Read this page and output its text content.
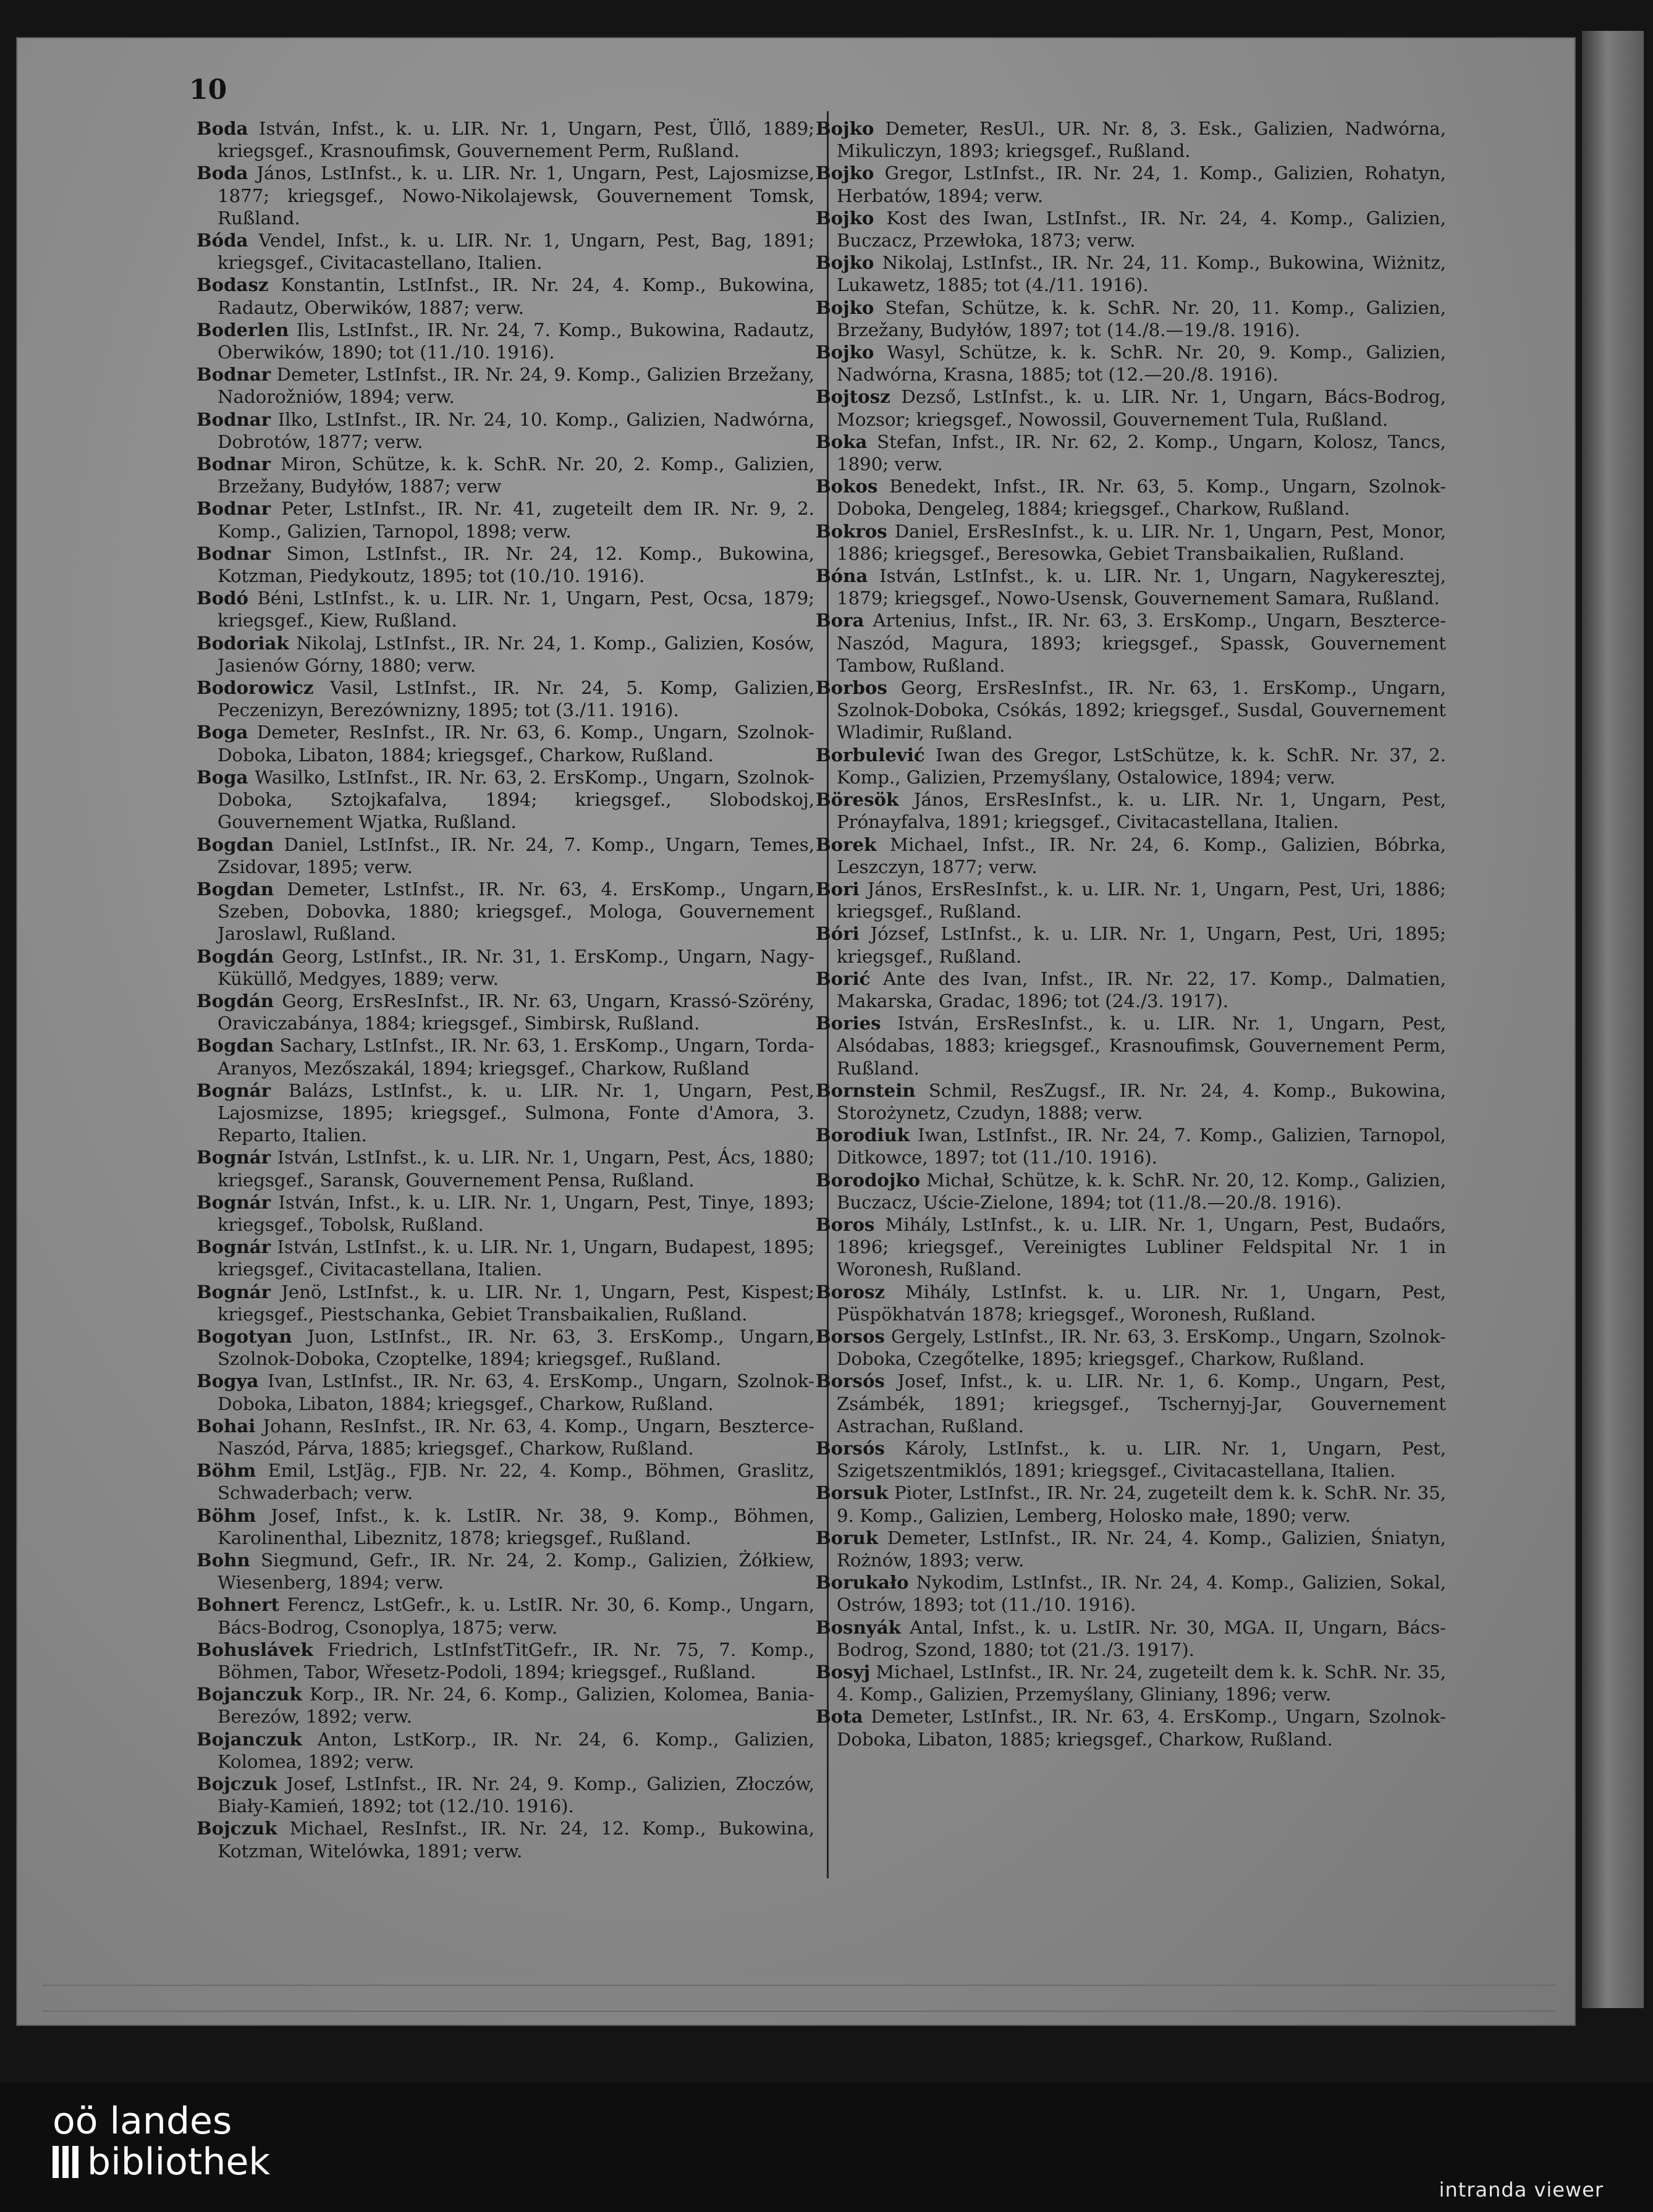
10
Boda István, Infst., k. u. LIR. Nr. 1, Ungarn, Pest, Üllő, 1889; kriegsgef., Krasnoufimsk, Gouvernement Perm, Rußland.
Boda János, LstInfst., k. u. LIR. Nr. 1, Ungarn, Pest, Lajosmizse, 1877; kriegsgef., Nowo-Nikolajewsk, Gouvernement Tomsk, Rußland.
Bóda Vendel, Infst., k. u. LIR. Nr. 1, Ungarn, Pest, Bag, 1891; kriegsgef., Civitacastellano, Italien.
Bodasz Konstantin, LstInfst., IR. Nr. 24, 4. Komp., Bukowina, Radautz, Oberwików, 1887; verw.
Boderlen Ilis, LstInfst., IR. Nr. 24, 7. Komp., Bukowina, Radautz, Oberwików, 1890; tot (11./10. 1916).
Bodnar Demeter, LstInfst., IR. Nr. 24, 9. Komp., Galizien Brzežany, Nadorožniów, 1894; verw.
Bodnar Ilko, LstInfst., IR. Nr. 24, 10. Komp., Galizien, Nadwórna, Dobrotów, 1877; verw.
Bodnar Miron, Schütze, k. k. SchR. Nr. 20, 2. Komp., Galizien, Brzežany, Budyłów, 1887; verw
Bodnar Peter, LstInfst., IR. Nr. 41, zugeteilt dem IR. Nr. 9, 2. Komp., Galizien, Tarnopol, 1898; verw.
Bodnar Simon, LstInfst., IR. Nr. 24, 12. Komp., Bukowina, Kotzman, Piedykoutz, 1895; tot (10./10. 1916).
Bodó Béni, LstInfst., k. u. LIR. Nr. 1, Ungarn, Pest, Ocsa, 1879; kriegsgef., Kiew, Rußland.
Bodoriak Nikolaj, LstInfst., IR. Nr. 24, 1. Komp., Galizien, Kosów, Jasienów Górny, 1880; verw.
Bodorowicz Vasil, LstInfst., IR. Nr. 24, 5. Komp, Galizien, Peczenizyn, Berezównizny, 1895; tot (3./11. 1916).
Boga Demeter, ResInfst., IR. Nr. 63, 6. Komp., Ungarn, Szolnok-Doboka, Libaton, 1884; kriegsgef., Charkow, Rußland.
Boga Wasilko, LstInfst., IR. Nr. 63, 2. ErsKomp., Ungarn, Szolnok-Doboka, Sztojkafalva, 1894; kriegsgef., Slobodskoj, Gouvernement Wjatka, Rußland.
Bogdan Daniel, LstInfst., IR. Nr. 24, 7. Komp., Ungarn, Temes, Zsidovar, 1895; verw.
Bogdan Demeter, LstInfst., IR. Nr. 63, 4. ErsKomp., Ungarn, Szeben, Dobovka, 1880; kriegsgef., Mologa, Gouvernement Jaroslawl, Rußland.
Bogdán Georg, LstInfst., IR. Nr. 31, 1. ErsKomp., Ungarn, Nagy-Küküllő, Medgyes, 1889; verw.
Bogdán Georg, ErsResInfst., IR. Nr. 63, Ungarn, Krassó-Szörény, Oraviczabánya, 1884; kriegsgef., Simbirsk, Rußland.
Bogdan Sachary, LstInfst., IR. Nr. 63, 1. ErsKomp., Ungarn, Torda-Aranyos, Mezőszakál, 1894; kriegsgef., Charkow, Rußland
Bognár Balázs, LstInfst., k. u. LIR. Nr. 1, Ungarn, Pest, Lajosmizse, 1895; kriegsgef., Sulmona, Fonte d'Amora, 3. Reparto, Italien.
Bognár István, LstInfst., k. u. LIR. Nr. 1, Ungarn, Pest, Ács, 1880; kriegsgef., Saransk, Gouvernement Pensa, Rußland.
Bognár István, Infst., k. u. LIR. Nr. 1, Ungarn, Pest, Tinye, 1893; kriegsgef., Tobolsk, Rußland.
Bognár István, LstInfst., k. u. LIR. Nr. 1, Ungarn, Budapest, 1895; kriegsgef., Civitacastellana, Italien.
Bognár Jenö, LstInfst., k. u. LIR. Nr. 1, Ungarn, Pest, Kispest; kriegsgef., Piestschanka, Gebiet Transbaikalien, Rußland.
Bogotyan Juon, LstInfst., IR. Nr. 63, 3. ErsKomp., Ungarn, Szolnok-Doboka, Czoptelke, 1894; kriegsgef., Rußland.
Bogya Ivan, LstInfst., IR. Nr. 63, 4. ErsKomp., Ungarn, Szolnok-Doboka, Libaton, 1884; kriegsgef., Charkow, Rußland.
Bohai Johann, ResInfst., IR. Nr. 63, 4. Komp., Ungarn, Beszterce-Naszód, Párva, 1885; kriegsgef., Charkow, Rußland.
Böhm Emil, LstJäg., FJB. Nr. 22, 4. Komp., Böhmen, Graslitz, Schwaderbach; verw.
Böhm Josef, Infst., k. k. LstIR. Nr. 38, 9. Komp., Böhmen, Karolinenthal, Libeznitz, 1878; kriegsgef., Rußland.
Bohn Siegmund, Gefr., IR. Nr. 24, 2. Komp., Galizien, Żółkiew, Wiesenberg, 1894; verw.
Bohnert Ferencz, LstGefr., k. u. LstIR. Nr. 30, 6. Komp., Ungarn, Bács-Bodrog, Csonoplya, 1875; verw.
Bohuslávek Friedrich, LstInfstTitGefr., IR. Nr. 75, 7. Komp., Böhmen, Tabor, Wřesetz-Podoli, 1894; kriegsgef., Rußland.
Bojanczuk Korp., IR. Nr. 24, 6. Komp., Galizien, Kolomea, Bania-Berezów, 1892; verw.
Bojanczuk Anton, LstKorp., IR. Nr. 24, 6. Komp., Galizien, Kolomea, 1892; verw.
Bojczuk Josef, LstInfst., IR. Nr. 24, 9. Komp., Galizien, Złoczów, Biały-Kamień, 1892; tot (12./10. 1916).
Bojczuk Michael, ResInfst., IR. Nr. 24, 12. Komp., Bukowina, Kotzman, Witelówka, 1891; verw.
Bojko Demeter, ResUl., UR. Nr. 8, 3. Esk., Galizien, Nadwórna, Mikuliczyn, 1893; kriegsgef., Rußland.
Bojko Gregor, LstInfst., IR. Nr. 24, 1. Komp., Galizien, Rohatyn, Herbatów, 1894; verw.
Bojko Kost des Iwan, LstInfst., IR. Nr. 24, 4. Komp., Galizien, Buczacz, Przewłoka, 1873; verw.
Bojko Nikolaj, LstInfst., IR. Nr. 24, 11. Komp., Bukowina, Wiżnitz, Lukawetz, 1885; tot (4./11. 1916).
Bojko Stefan, Schütze, k. k. SchR. Nr. 20, 11. Komp., Galizien, Brzežany, Budyłów, 1897; tot (14./8.—19./8. 1916).
Bojko Wasyl, Schütze, k. k. SchR. Nr. 20, 9. Komp., Galizien, Nadwórna, Krasna, 1885; tot (12.—20./8. 1916).
Bojtosz Dezső, LstInfst., k. u. LIR. Nr. 1, Ungarn, Bács-Bodrog, Mozsor; kriegsgef., Nowossil, Gouvernement Tula, Rußland.
Boka Stefan, Infst., IR. Nr. 62, 2. Komp., Ungarn, Kolosz, Tancs, 1890; verw.
Bokos Benedekt, Infst., IR. Nr. 63, 5. Komp., Ungarn, Szolnok-Doboka, Dengeleg, 1884; kriegsgef., Charkow, Rußland.
Bokros Daniel, ErsResInfst., k. u. LIR. Nr. 1, Ungarn, Pest, Monor, 1886; kriegsgef., Beresowka, Gebiet Transbaikalien, Rußland.
Bóna István, LstInfst., k. u. LIR. Nr. 1, Ungarn, Nagykeresztej, 1879; kriegsgef., Nowo-Usensk, Gouvernement Samara, Rußland.
Bora Artenius, Infst., IR. Nr. 63, 3. ErsKomp., Ungarn, Beszterce-Naszód, Magura, 1893; kriegsgef., Spassk, Gouvernement Tambow, Rußland.
Borbos Georg, ErsResInfst., IR. Nr. 63, 1. ErsKomp., Ungarn, Szolnok-Doboka, Csókás, 1892; kriegsgef., Susdal, Gouvernement Wladimir, Rußland.
Borbulević Iwan des Gregor, LstSchütze, k. k. SchR. Nr. 37, 2. Komp., Galizien, Przemyślany, Ostalowice, 1894; verw.
Böresök János, ErsResInfst., k. u. LIR. Nr. 1, Ungarn, Pest, Prónayfalva, 1891; kriegsgef., Civitacastellana, Italien.
Borek Michael, Infst., IR. Nr. 24, 6. Komp., Galizien, Bóbrka, Leszczyn, 1877; verw.
Bori János, ErsResInfst., k. u. LIR. Nr. 1, Ungarn, Pest, Uri, 1886; kriegsgef., Rußland.
Bóri József, LstInfst., k. u. LIR. Nr. 1, Ungarn, Pest, Uri, 1895; kriegsgef., Rußland.
Borić Ante des Ivan, Infst., IR. Nr. 22, 17. Komp., Dalmatien, Makarska, Gradac, 1896; tot (24./3. 1917).
Bories István, ErsResInfst., k. u. LIR. Nr. 1, Ungarn, Pest, Alsódabas, 1883; kriegsgef., Krasnoufimsk, Gouvernement Perm, Rußland.
Bornstein Schmil, ResZugsf., IR. Nr. 24, 4. Komp., Bukowina, Storożynetz, Czudyn, 1888; verw.
Borodiuk Iwan, LstInfst., IR. Nr. 24, 7. Komp., Galizien, Tarnopol, Ditkowce, 1897; tot (11./10. 1916).
Borodojko Michał, Schütze, k. k. SchR. Nr. 20, 12. Komp., Galizien, Buczacz, Uście-Zielone, 1894; tot (11./8.—20./8. 1916).
Boros Mihály, LstInfst., k. u. LIR. Nr. 1, Ungarn, Pest, Budaőrs, 1896; kriegsgef., Vereinigtes Lubliner Feldspital Nr. 1 in Woronesh, Rußland.
Borosz Mihály, LstInfst. k. u. LIR. Nr. 1, Ungarn, Pest, Püspökhatván 1878; kriegsgef., Woronesh, Rußland.
Borsos Gergely, LstInfst., IR. Nr. 63, 3. ErsKomp., Ungarn, Szolnok-Doboka, Czegőtelke, 1895; kriegsgef., Charkow, Rußland.
Borsós Josef, Infst., k. u. LIR. Nr. 1, 6. Komp., Ungarn, Pest, Zsámbék, 1891; kriegsgef., Tschernyj-Jar, Gouvernement Astrachan, Rußland.
Borsós Károly, LstInfst., k. u. LIR. Nr. 1, Ungarn, Pest, Szigetszentmiklós, 1891; kriegsgef., Civitacastellana, Italien.
Borsuk Pioter, LstInfst., IR. Nr. 24, zugeteilt dem k. k. SchR. Nr. 35, 9. Komp., Galizien, Lemberg, Holosko małe, 1890; verw.
Boruk Demeter, LstInfst., IR. Nr. 24, 4. Komp., Galizien, Śniatyn, Rożnów, 1893; verw.
Borukało Nykodim, LstInfst., IR. Nr. 24, 4. Komp., Galizien, Sokal, Ostrów, 1893; tot (11./10. 1916).
Bosnyák Antal, Infst., k. u. LstIR. Nr. 30, MGA. II, Ungarn, Bács-Bodrog, Szond, 1880; tot (21./3. 1917).
Bosyj Michael, LstInfst., IR. Nr. 24, zugeteilt dem k. k. SchR. Nr. 35, 4. Komp., Galizien, Przemyślany, Gliniany, 1896; verw.
Bota Demeter, LstInfst., IR. Nr. 63, 4. ErsKomp., Ungarn, Szolnok-Doboka, Libaton, 1885; kriegsgef., Charkow, Rußland.
oö landes
bibliothek
intranda viewer
